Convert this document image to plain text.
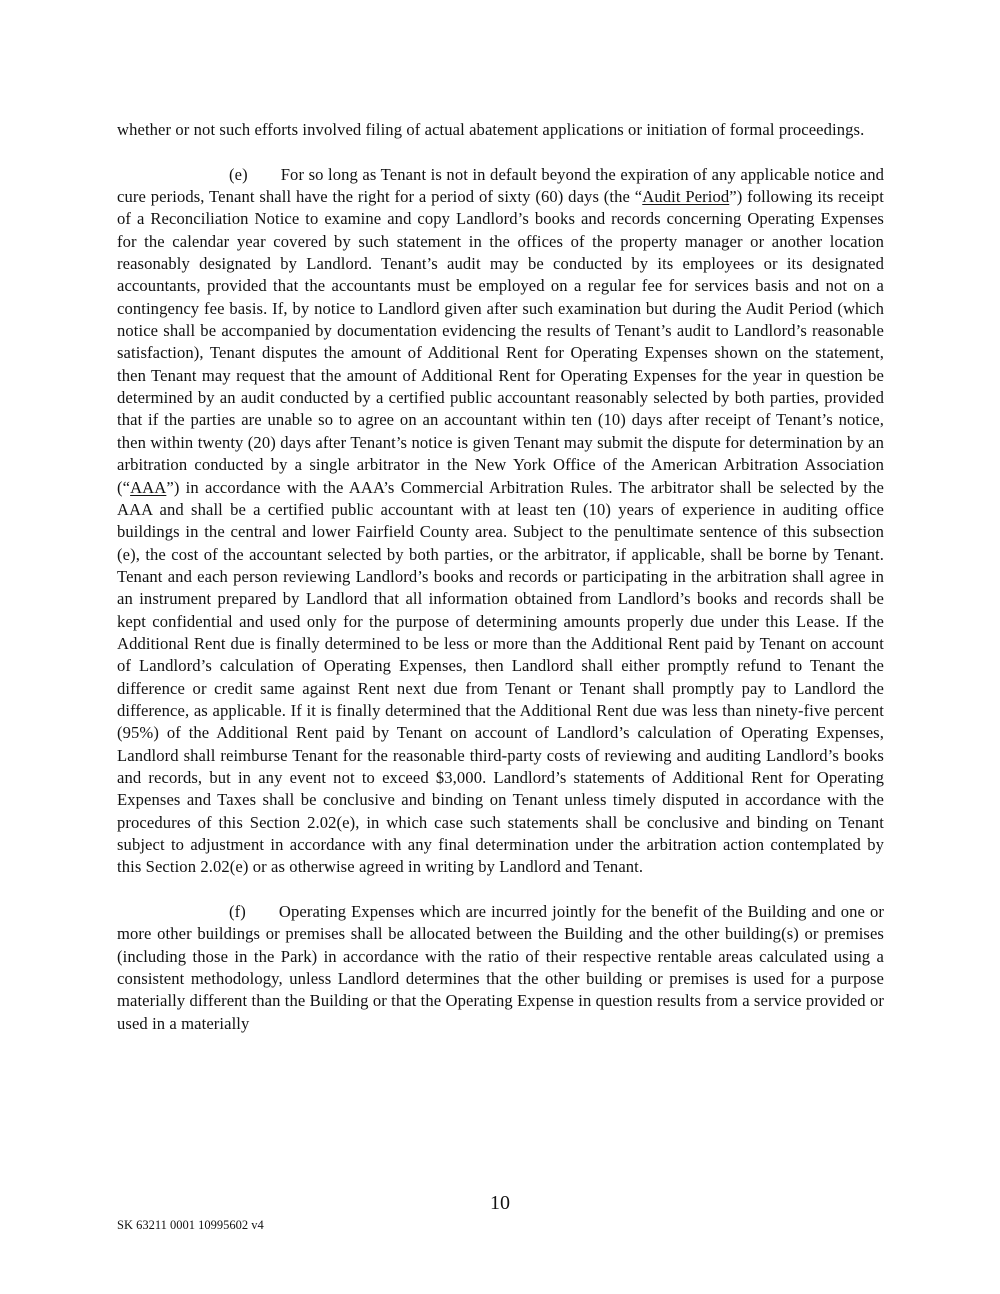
whether or not such efforts involved filing of actual abatement applications or initiation of formal proceedings.

(e) For so long as Tenant is not in default beyond the expiration of any applicable notice and cure periods, Tenant shall have the right for a period of sixty (60) days (the “Audit Period”) following its receipt of a Reconciliation Notice to examine and copy Landlord’s books and records concerning Operating Expenses for the calendar year covered by such statement in the offices of the property manager or another location reasonably designated by Landlord. Tenant’s audit may be conducted by its employees or its designated accountants, provided that the accountants must be employed on a regular fee for services basis and not on a contingency fee basis. If, by notice to Landlord given after such examination but during the Audit Period (which notice shall be accompanied by documentation evidencing the results of Tenant’s audit to Landlord’s reasonable satisfaction), Tenant disputes the amount of Additional Rent for Operating Expenses shown on the statement, then Tenant may request that the amount of Additional Rent for Operating Expenses for the year in question be determined by an audit conducted by a certified public accountant reasonably selected by both parties, provided that if the parties are unable so to agree on an accountant within ten (10) days after receipt of Tenant’s notice, then within twenty (20) days after Tenant’s notice is given Tenant may submit the dispute for determination by an arbitration conducted by a single arbitrator in the New York Office of the American Arbitration Association (“AAA”) in accordance with the AAA’s Commercial Arbitration Rules. The arbitrator shall be selected by the AAA and shall be a certified public accountant with at least ten (10) years of experience in auditing office buildings in the central and lower Fairfield County area. Subject to the penultimate sentence of this subsection (e), the cost of the accountant selected by both parties, or the arbitrator, if applicable, shall be borne by Tenant. Tenant and each person reviewing Landlord’s books and records or participating in the arbitration shall agree in an instrument prepared by Landlord that all information obtained from Landlord’s books and records shall be kept confidential and used only for the purpose of determining amounts properly due under this Lease. If the Additional Rent due is finally determined to be less or more than the Additional Rent paid by Tenant on account of Landlord’s calculation of Operating Expenses, then Landlord shall either promptly refund to Tenant the difference or credit same against Rent next due from Tenant or Tenant shall promptly pay to Landlord the difference, as applicable. If it is finally determined that the Additional Rent due was less than ninety-five percent (95%) of the Additional Rent paid by Tenant on account of Landlord’s calculation of Operating Expenses, Landlord shall reimburse Tenant for the reasonable third-party costs of reviewing and auditing Landlord’s books and records, but in any event not to exceed $3,000. Landlord’s statements of Additional Rent for Operating Expenses and Taxes shall be conclusive and binding on Tenant unless timely disputed in accordance with the procedures of this Section 2.02(e), in which case such statements shall be conclusive and binding on Tenant subject to adjustment in accordance with any final determination under the arbitration action contemplated by this Section 2.02(e) or as otherwise agreed in writing by Landlord and Tenant.

(f) Operating Expenses which are incurred jointly for the benefit of the Building and one or more other buildings or premises shall be allocated between the Building and the other building(s) or premises (including those in the Park) in accordance with the ratio of their respective rentable areas calculated using a consistent methodology, unless Landlord determines that the other building or premises is used for a purpose materially different than the Building or that the Operating Expense in question results from a service provided or used in a materially

10
SK 63211 0001 10995602 v4
